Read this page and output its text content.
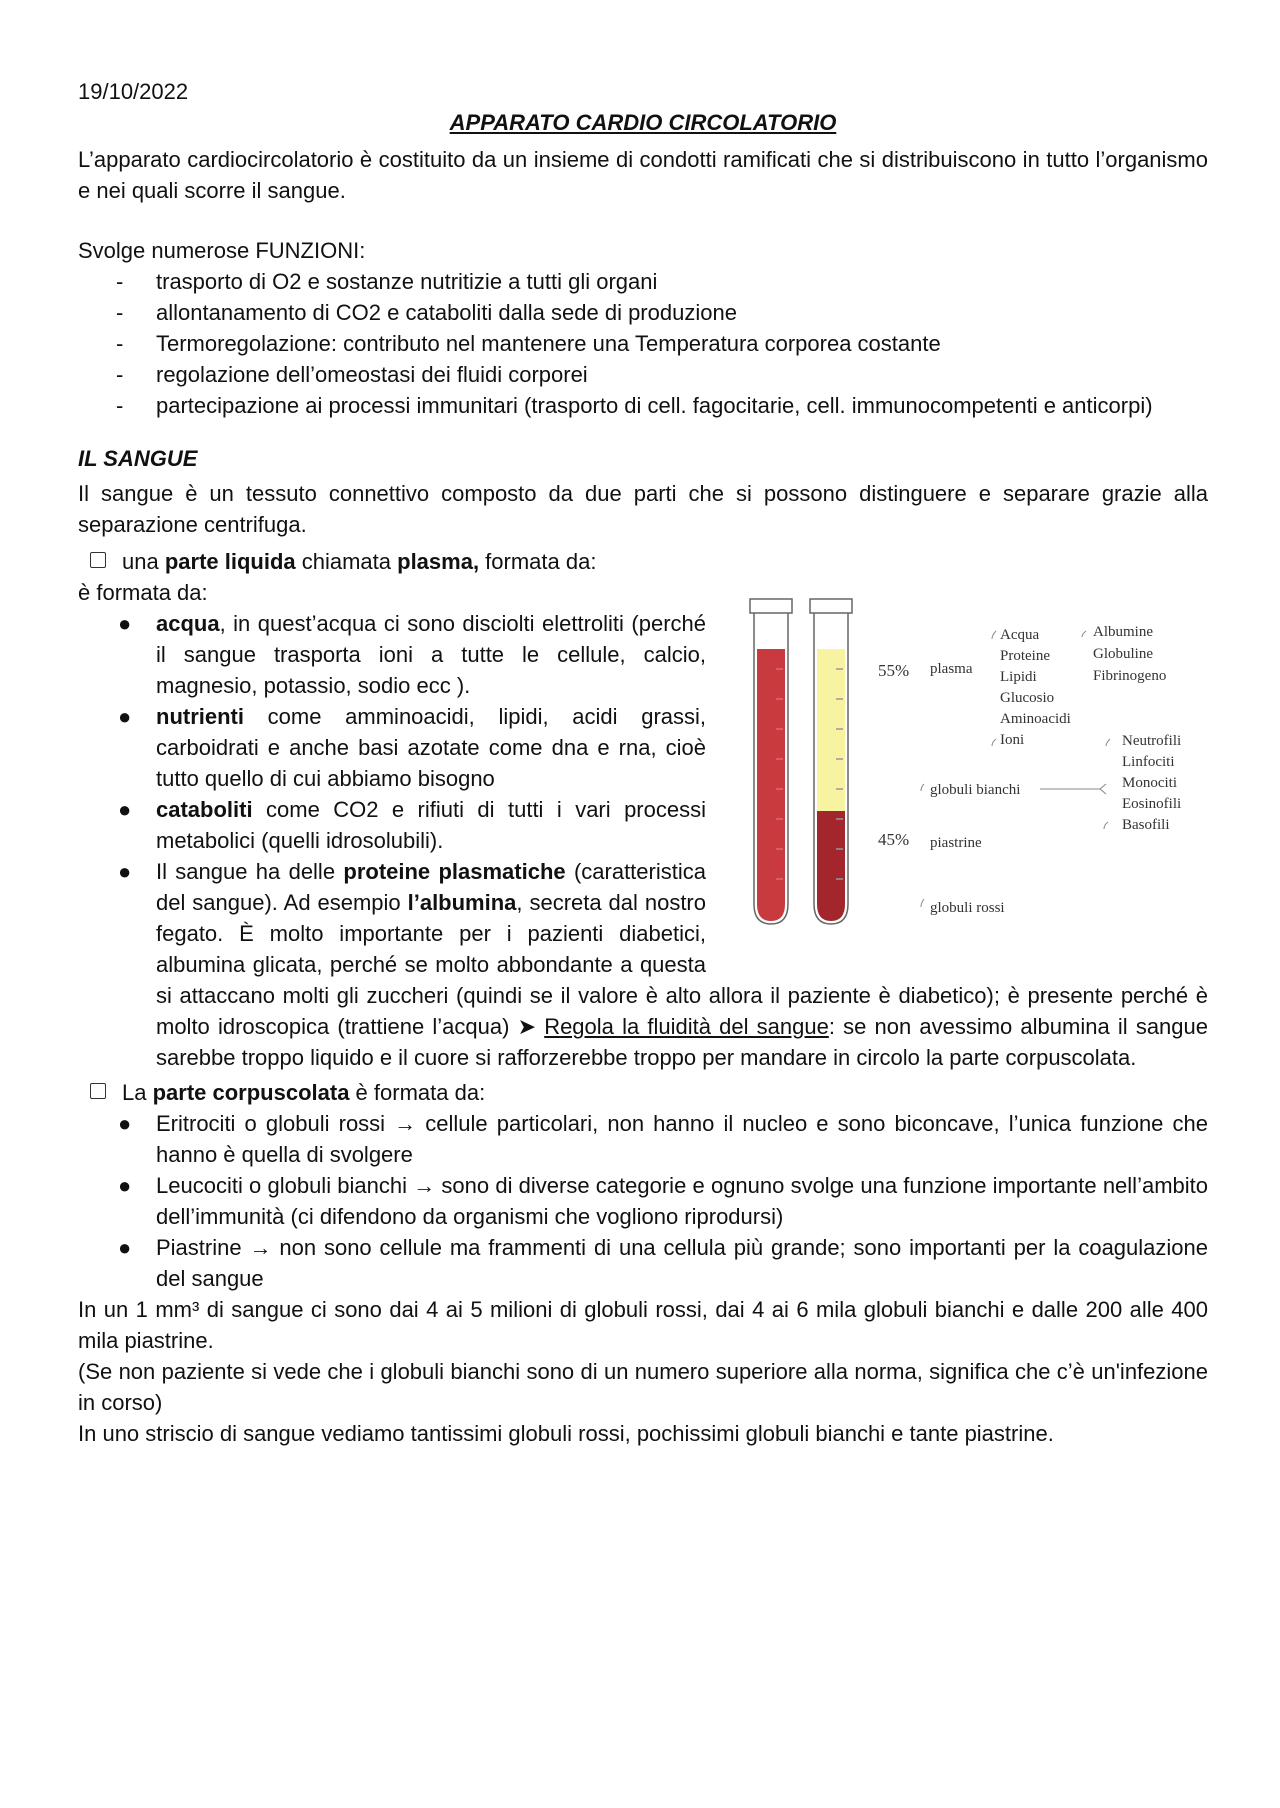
19/10/2022

APPARATO CARDIO CIRCOLATORIO

L’apparato cardiocircolatorio è costituito da un insieme di condotti ramificati che si distribuiscono in tutto l’organismo e nei quali scorre il sangue.

Svolge numerose FUNZIONI:

- trasporto di O2 e sostanze nutritizie a tutti gli organi
- allontanamento di CO2 e cataboliti dalla sede di produzione
- Termoregolazione: contributo nel mantenere una Temperatura corporea costante
- regolazione dell’omeostasi dei fluidi corporei
- partecipazione ai processi immunitari (trasporto di cell. fagocitarie, cell. immunocompetenti e anticorpi)

IL SANGUE

Il sangue è un tessuto connettivo composto da due parti che si possono distinguere e separare grazie alla separazione centrifuga.

una parte liquida chiamata plasma, formata da:

è formata da:

● acqua, in quest’acqua ci sono disciolti elettroliti (perché il sangue trasporta ioni a tutte le cellule, calcio, magnesio, potassio, sodio ecc ).
● nutrienti come amminoacidi, lipidi, acidi grassi, carboidrati e anche basi azotate come dna e rna, cioè tutto quello di cui abbiamo bisogno
● cataboliti come CO2 e rifiuti di tutti i vari processi metabolici (quelli idrosolubili).
● Il sangue ha delle proteine plasmatiche (caratteristica del sangue). Ad esempio l’albumina, secreta dal nostro fegato. È molto importante per i pazienti diabetici, albumina glicata, perché se molto abbondante a questa si attaccano molti gli zuccheri (quindi se il valore è alto allora il paziente è diabetico); è presente perché è molto idroscopica (trattiene l’acqua) ➤ Regola la fluidità del sangue: se non avessimo albumina il sangue sarebbe troppo liquido e il cuore si rafforzerebbe troppo per mandare in circolo la parte corpuscolata.
55%
45%
plasma
Acqua
Proteine
Lipidi
Glucosio
Aminoacidi
Ioni
Albumine
Globuline
Fibrinogeno
globuli bianchi
piastrine
globuli rossi
Neutrofili
Linfociti
Monociti
Eosinofili
Basofili

La parte corpuscolata è formata da:

● Eritrociti o globuli rossi → cellule particolari, non hanno il nucleo e sono biconcave, l’unica funzione che hanno è quella di svolgere
● Leucociti o globuli bianchi → sono di diverse categorie e ognuno svolge una funzione importante nell’ambito dell’immunità (ci difendono da organismi che vogliono riprodursi)
● Piastrine → non sono cellule ma frammenti di una cellula più grande; sono importanti per la coagulazione del sangue

In un 1 mm³ di sangue ci sono dai 4 ai 5 milioni di globuli rossi, dai 4 ai 6 mila globuli bianchi e dalle 200 alle 400 mila piastrine.

(Se non paziente si vede che i globuli bianchi sono di un numero superiore alla norma, significa che c’è un'infezione in corso)

In uno striscio di sangue vediamo tantissimi globuli rossi, pochissimi globuli bianchi e tante piastrine.
